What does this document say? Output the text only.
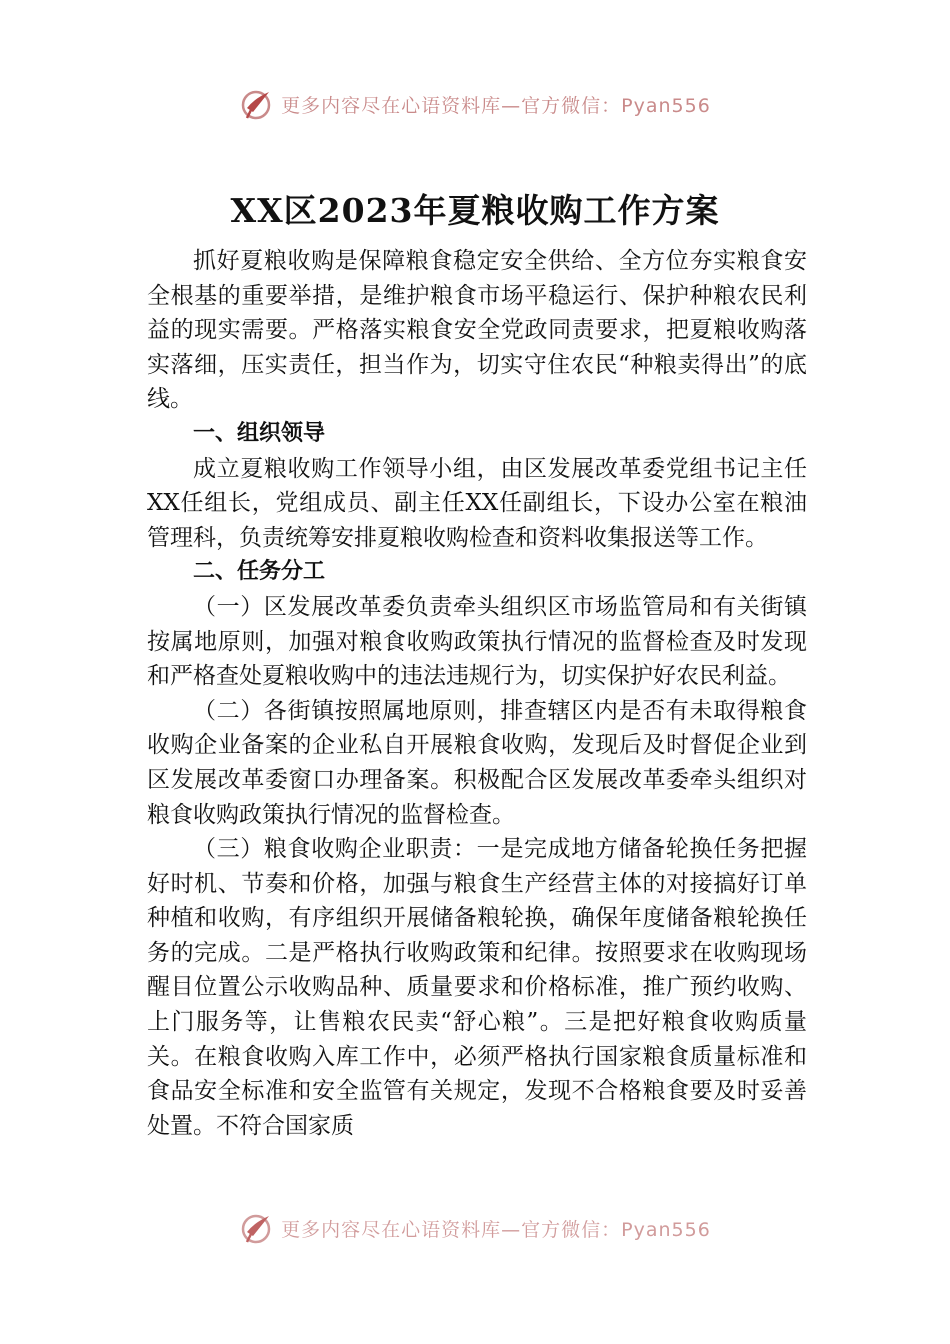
更多内容尽在心语资料库—官方微信：Pyan556
XX区2023年夏粮收购工作方案

抓好夏粮收购是保障粮食稳定安全供给、全方位夯实粮食安全根基的重要举措，是维护粮食市场平稳运行、保护种粮农民利益的现实需要。严格落实粮食安全党政同责要求，把夏粮收购落实落细，压实责任，担当作为，切实守住农民“种粮卖得出”的底线。

一、组织领导

成立夏粮收购工作领导小组，由区发展改革委党组书记主任XX任组长，党组成员、副主任XX任副组长，下设办公室在粮油管理科，负责统筹安排夏粮收购检查和资料收集报送等工作。

二、任务分工

（一）区发展改革委负责牵头组织区市场监管局和有关街镇按属地原则，加强对粮食收购政策执行情况的监督检查及时发现和严格查处夏粮收购中的违法违规行为，切实保护好农民利益。

（二）各街镇按照属地原则，排查辖区内是否有未取得粮食收购企业备案的企业私自开展粮食收购，发现后及时督促企业到区发展改革委窗口办理备案。积极配合区发展改革委牵头组织对粮食收购政策执行情况的监督检查。

（三）粮食收购企业职责：一是完成地方储备轮换任务把握好时机、节奏和价格，加强与粮食生产经营主体的对接搞好订单种植和收购，有序组织开展储备粮轮换，确保年度储备粮轮换任务的完成。二是严格执行收购政策和纪律。按照要求在收购现场醒目位置公示收购品种、质量要求和价格标准，推广预约收购、上门服务等，让售粮农民卖“舒心粮”。三是把好粮食收购质量关。在粮食收购入库工作中，必须严格执行国家粮食质量标准和食品安全标准和安全监管有关规定，发现不合格粮食要及时妥善处置。不符合国家质

更多内容尽在心语资料库—官方微信：Pyan556
